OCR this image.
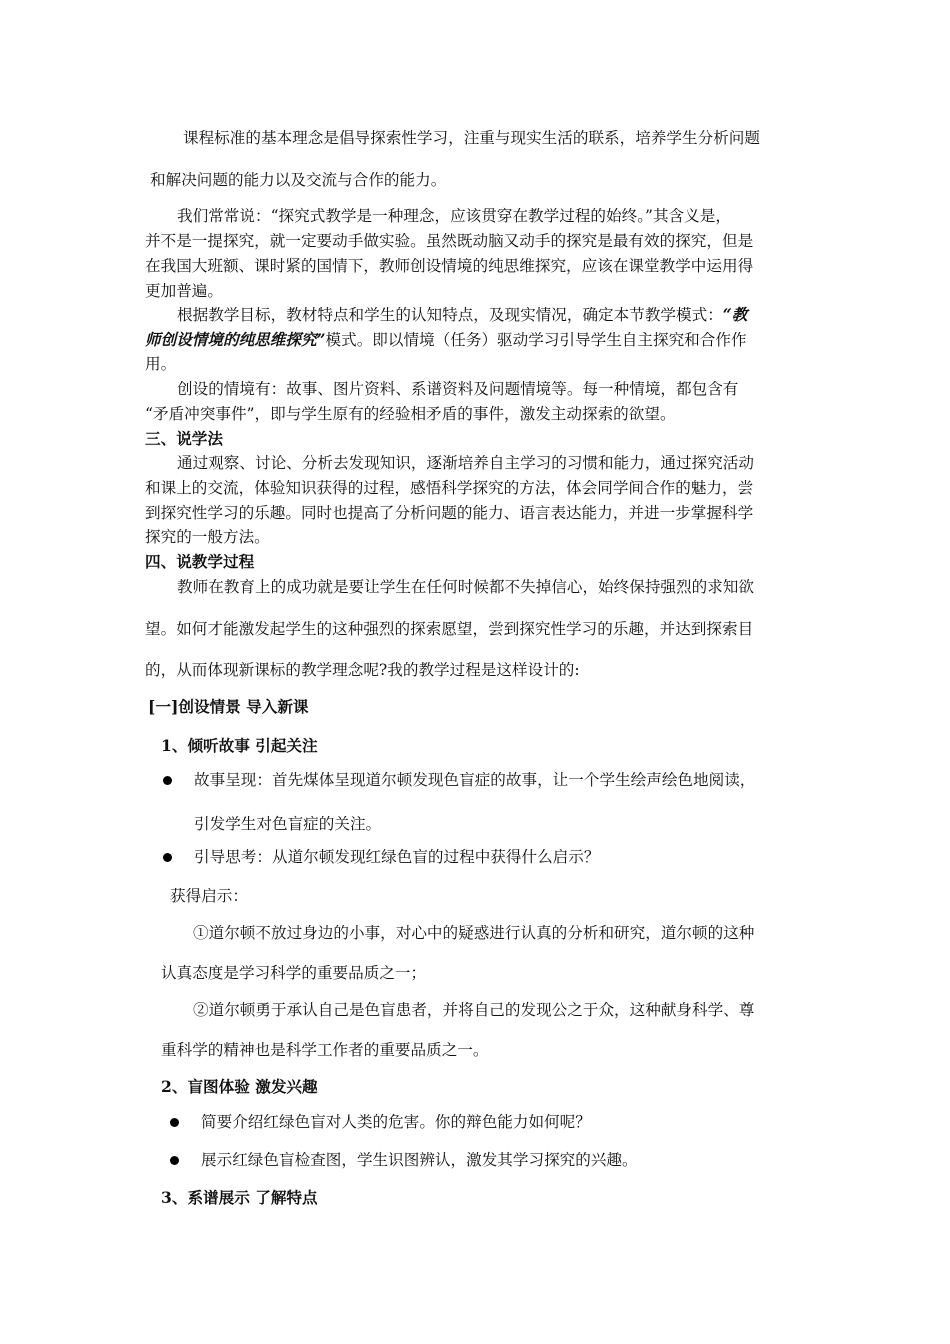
课程标准的基本理念是倡导探索性学习，注重与现实生活的联系，培养学生分析问题
和解决问题的能力以及交流与合作的能力。
我们常常说：“探究式教学是一种理念，应该贯穿在教学过程的始终。”其含义是，
并不是一提探究，就一定要动手做实验。虽然既动脑又动手的探究是最有效的探究，但是
在我国大班额、课时紧的国情下，教师创设情境的纯思维探究，应该在课堂教学中运用得
更加普遍。
根据教学目标，教材特点和学生的认知特点，及现实情况，确定本节教学模式：“教
师创设情境的纯思维探究”模式。即以情境（任务）驱动学习引导学生自主探究和合作作
用。
创设的情境有：故事、图片资料、系谱资料及问题情境等。每一种情境，都包含有
“矛盾冲突事件”，即与学生原有的经验相矛盾的事件，激发主动探索的欲望。
三、说学法
通过观察、讨论、分析去发现知识，逐渐培养自主学习的习惯和能力，通过探究活动
和课上的交流，体验知识获得的过程，感悟科学探究的方法，体会同学间合作的魅力，尝
到探究性学习的乐趣。同时也提高了分析问题的能力、语言表达能力，并进一步掌握科学
探究的一般方法。
四、说教学过程
教师在教育上的成功就是要让学生在任何时候都不失掉信心，始终保持强烈的求知欲
望。如何才能激发起学生的这种强烈的探索愿望，尝到探究性学习的乐趣，并达到探索目
的，从而体现新课标的教学理念呢?我的教学过程是这样设计的:
[一]创设情景 导入新课
1、倾听故事 引起关注
故事呈现：首先煤体呈现道尔顿发现色盲症的故事，让一个学生绘声绘色地阅读，
引发学生对色盲症的关注。
引导思考：从道尔顿发现红绿色盲的过程中获得什么启示？
获得启示：
①道尔顿不放过身边的小事，对心中的疑惑进行认真的分析和研究，道尔顿的这种
认真态度是学习科学的重要品质之一；
②道尔顿勇于承认自己是色盲患者，并将自己的发现公之于众，这种献身科学、尊
重科学的精神也是科学工作者的重要品质之一。
2、盲图体验 激发兴趣
简要介绍红绿色盲对人类的危害。你的辩色能力如何呢？
展示红绿色盲检查图，学生识图辨认，激发其学习探究的兴趣。
3、系谱展示 了解特点
